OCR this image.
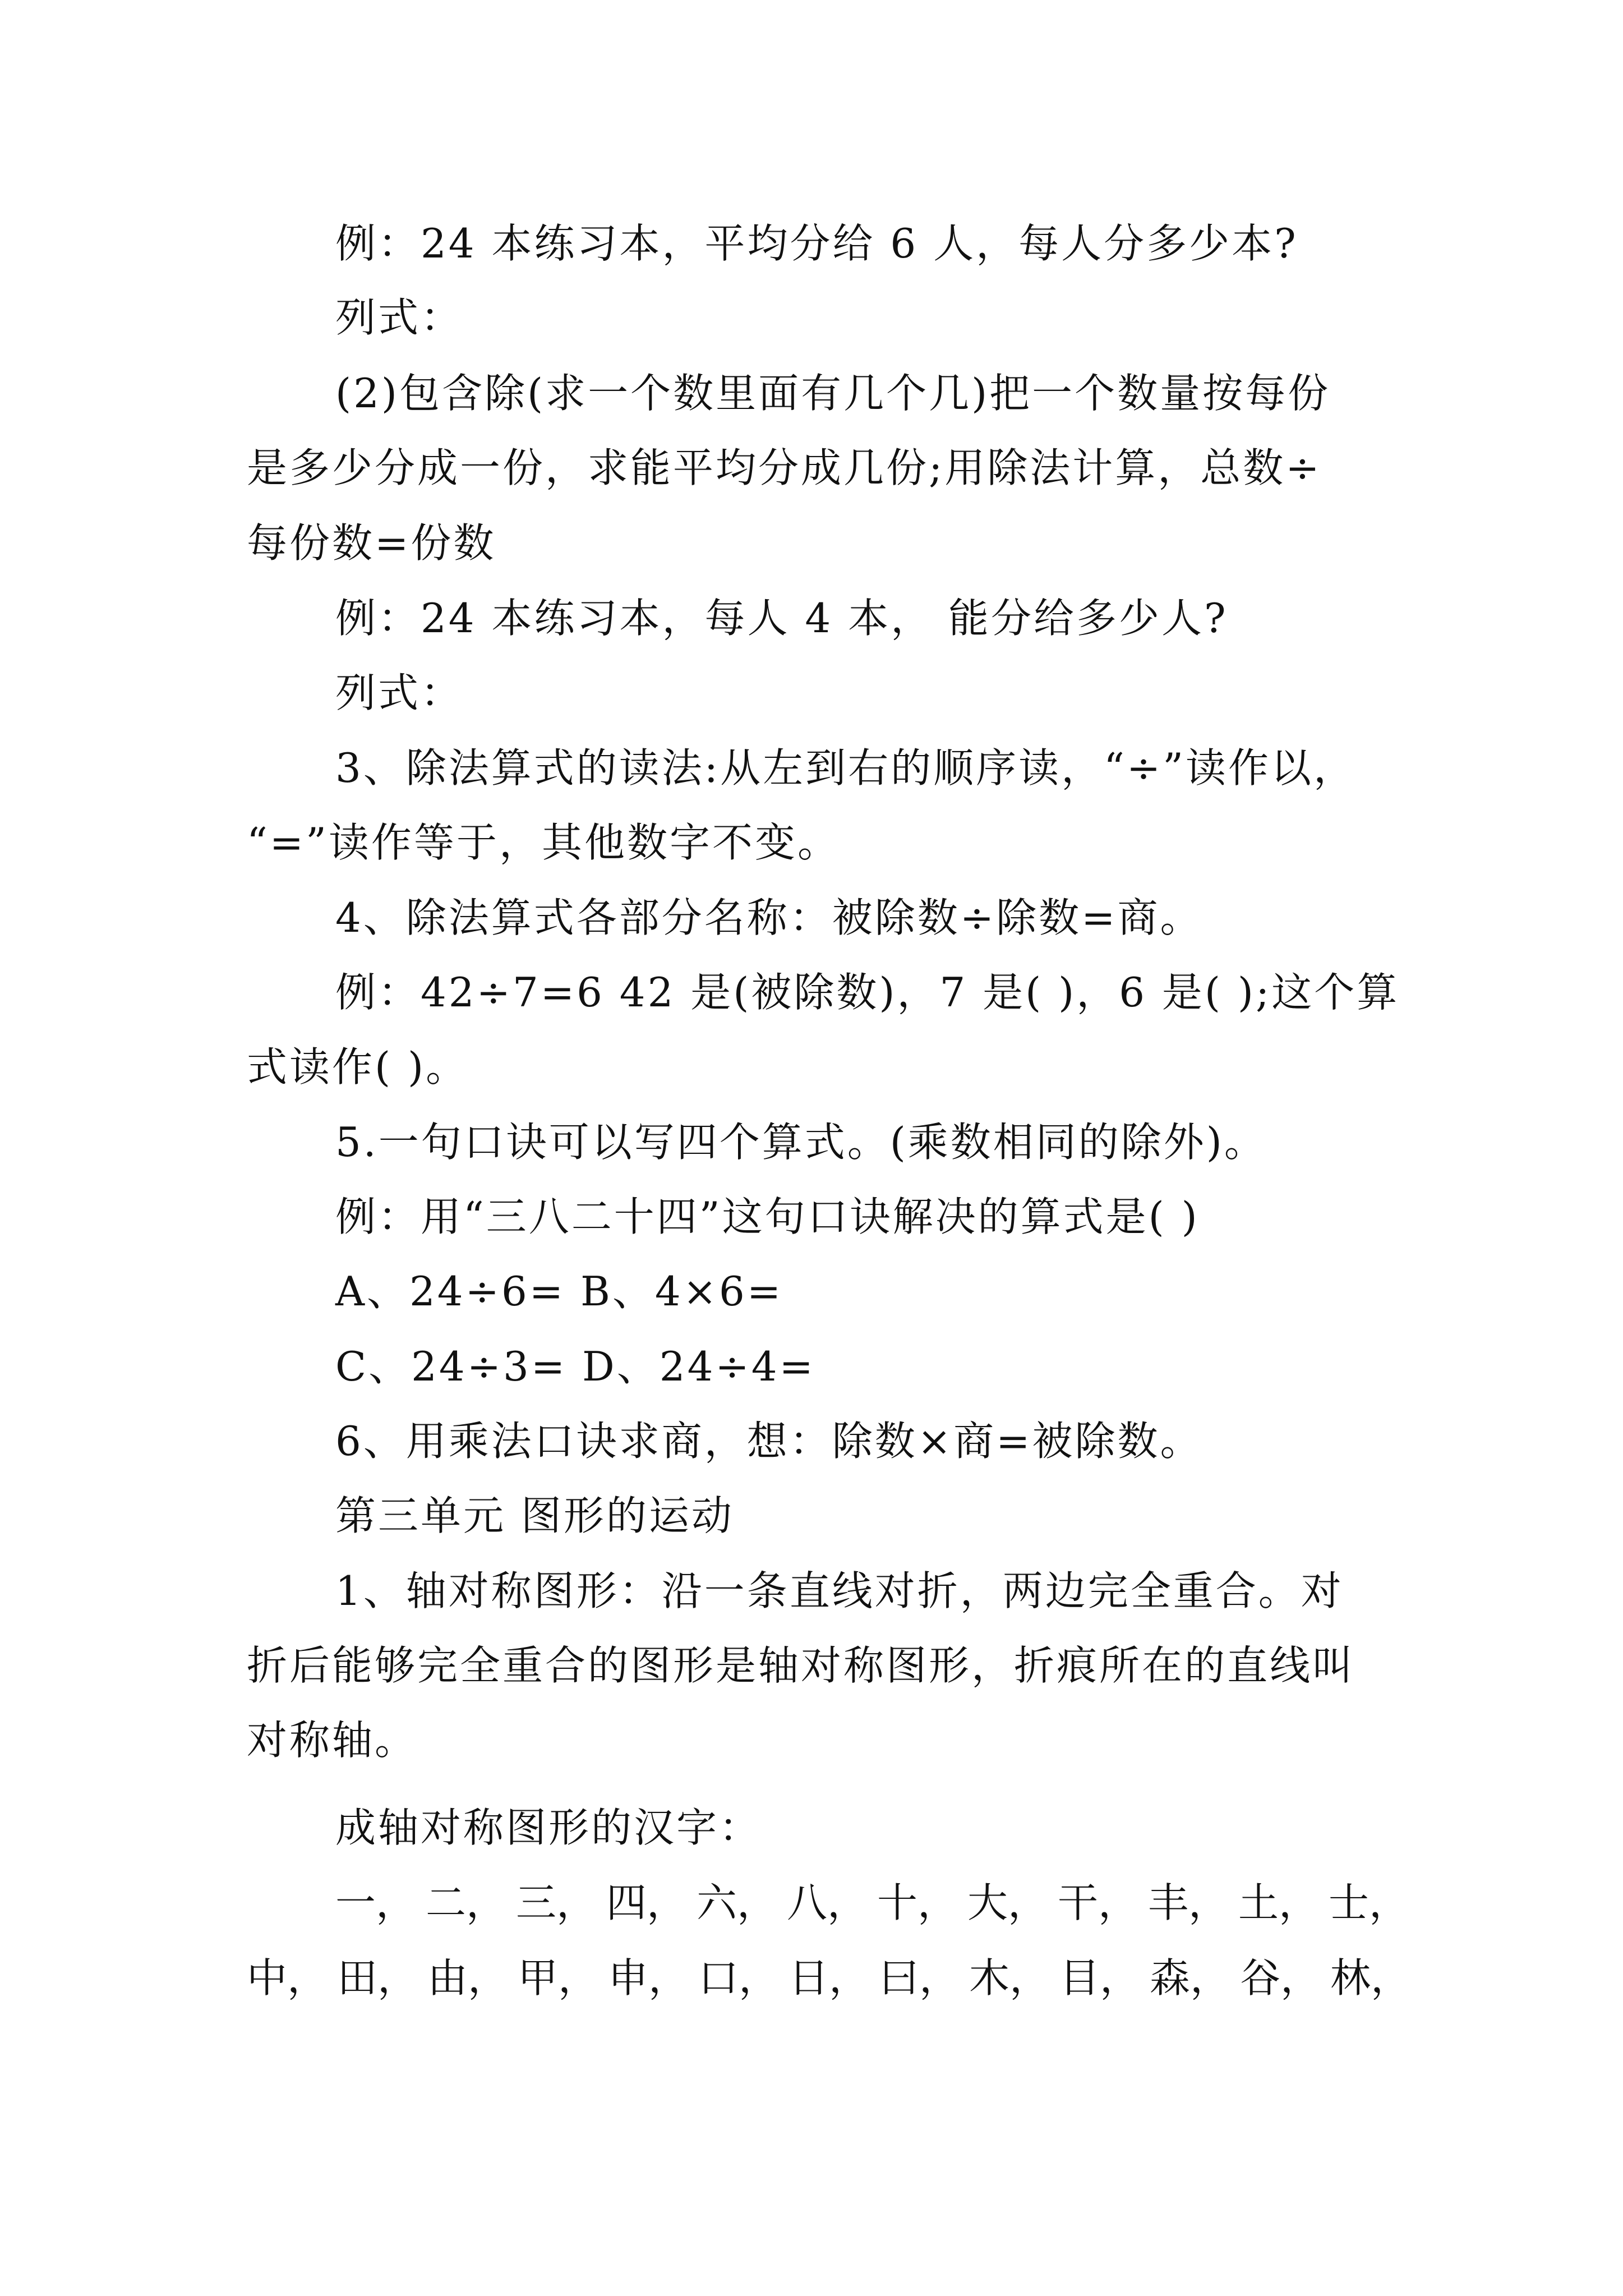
例：24 本练习本，平均分给 6 人，每人分多少本?
列式：
(2)包含除(求一个数里面有几个几)把一个数量按每份
是多少分成一份，求能平均分成几份;用除法计算，总数÷
每份数=份数
例：24 本练习本，每人 4 本， 能分给多少人?
列式：
3、除法算式的读法:从左到右的顺序读，“÷”读作以，
“=”读作等于，其他数字不变。
4、除法算式各部分名称：被除数÷除数=商。
例：42÷7=6 42 是(被除数)，7 是( )，6 是( );这个算
式读作( )。
5.一句口诀可以写四个算式。(乘数相同的除外)。
例：用“三八二十四”这句口诀解决的算式是( )
A、24÷6= B、4×6=
C、24÷3= D、24÷4=
6、用乘法口诀求商，想：除数×商=被除数。
第三单元 图形的运动
1、轴对称图形：沿一条直线对折，两边完全重合。对
折后能够完全重合的图形是轴对称图形，折痕所在的直线叫
对称轴。
成轴对称图形的汉字：
一， 二， 三， 四， 六， 八， 十， 大， 干， 丰， 土， 士，
中， 田， 由， 甲， 申， 口， 日， 曰， 木， 目， 森， 谷， 林，
